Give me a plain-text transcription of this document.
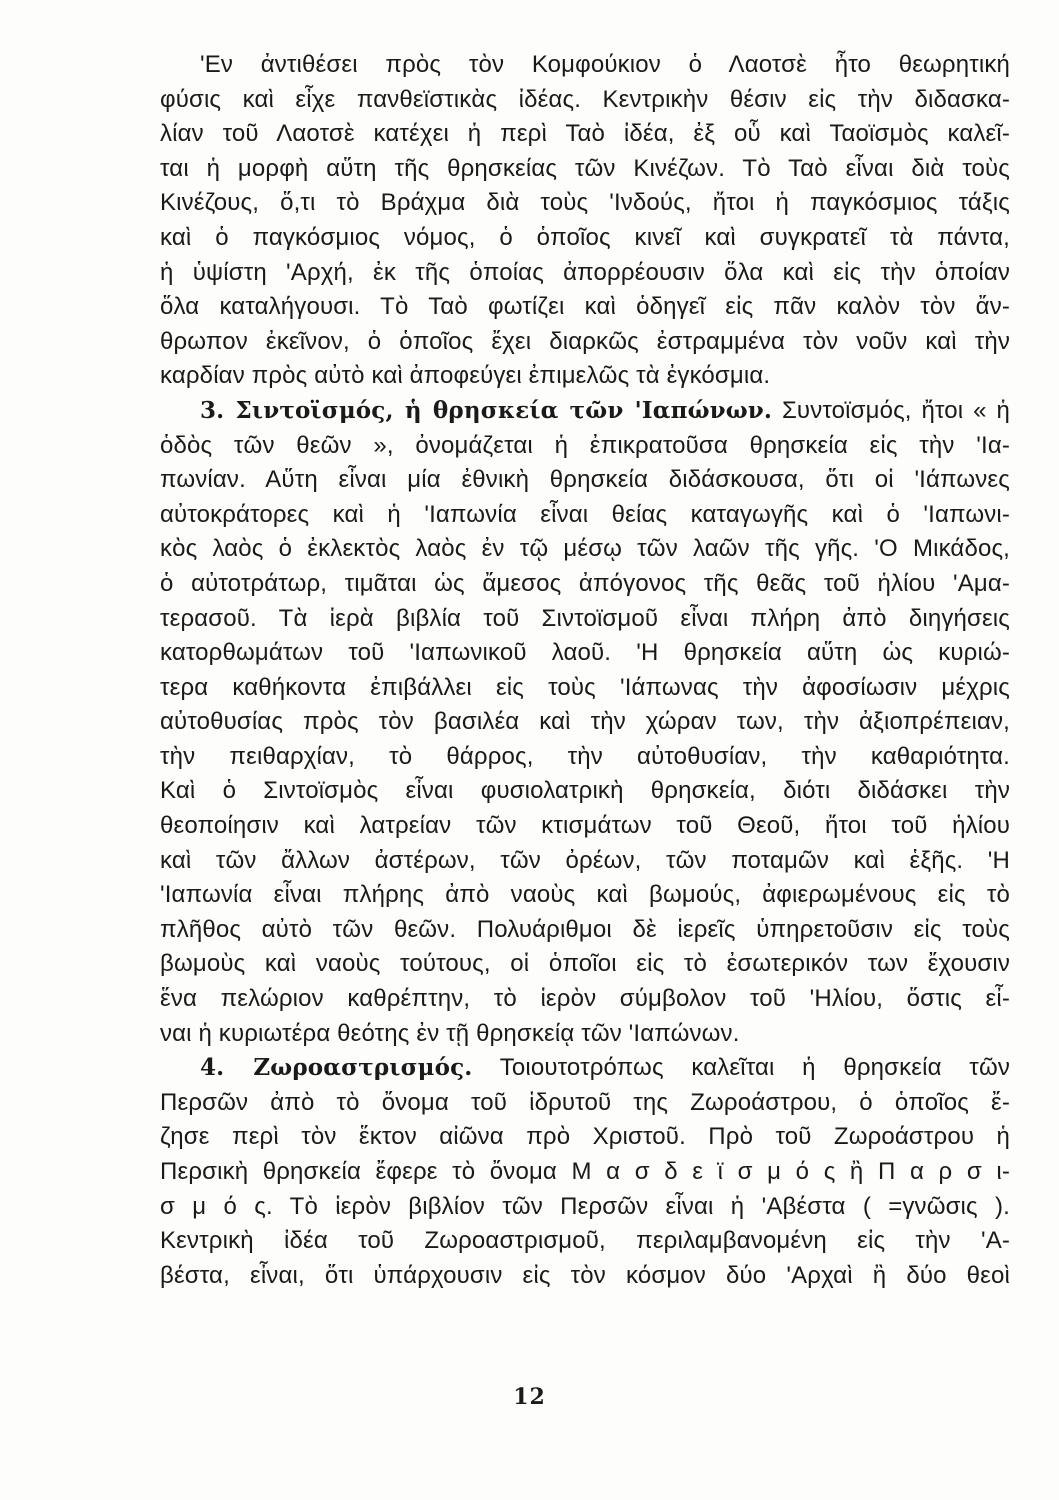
'Εν ἀντιθέσει πρὸς τὸν Κομφούκιον ὁ Λαοτσὲ ἦτο θεωρητική
φύσις καὶ εἶχε πανθεϊστικὰς ἰδέας. Κεντρικὴν θέσιν εἰς τὴν διδασκα-
λίαν τοῦ Λαοτσὲ κατέχει ἡ περὶ Ταὸ ἰδέα, ἐξ οὗ καὶ Ταοϊσμὸς καλεῖ-
ται ἡ μορφὴ αὕτη τῆς θρησκείας τῶν Κινέζων. Τὸ Ταὸ εἶναι διὰ τοὺς
Κινέζους, ὅ,τι τὸ Βράχμα διὰ τοὺς 'Ινδούς, ἤτοι ἡ παγκόσμιος τάξις
καὶ ὁ παγκόσμιος νόμος, ὁ ὁποῖος κινεῖ καὶ συγκρατεῖ τὰ πάντα,
ἡ ὑψίστη 'Αρχή, ἐκ τῆς ὁποίας ἀπορρέουσιν ὅλα καὶ εἰς τὴν ὁποίαν
ὅλα καταλήγουσι. Τὸ Ταὸ φωτίζει καὶ ὁδηγεῖ εἰς πᾶν καλὸν τὸν ἄν-
θρωπον ἐκεῖνον, ὁ ὁποῖος ἔχει διαρκῶς ἐστραμμένα τὸν νοῦν καὶ τὴν
καρδίαν πρὸς αὐτὸ καὶ ἀποφεύγει ἐπιμελῶς τὰ ἐγκόσμια.
3. Σιντοϊσμός, ἡ θρησκεία τῶν 'Ιαπώνων. Συντοϊσμός, ἤτοι « ἡ
ὁδὸς τῶν θεῶν », ὀνομάζεται ἡ ἐπικρατοῦσα θρησκεία εἰς τὴν 'Ια-
πωνίαν. Αὕτη εἶναι μία ἐθνικὴ θρησκεία διδάσκουσα, ὅτι οἱ 'Ιάπωνες
αὐτοκράτορες καὶ ἡ 'Ιαπωνία εἶναι θείας καταγωγῆς καὶ ὁ 'Ιαπωνι-
κὸς λαὸς ὁ ἐκλεκτὸς λαὸς ἐν τῷ μέσῳ τῶν λαῶν τῆς γῆς. 'Ο Μικάδος,
ὁ αὐτοτράτωρ, τιμᾶται ὡς ἄμεσος ἀπόγονος τῆς θεᾶς τοῦ ἡλίου 'Αμα-
τερασοῦ. Τὰ ἱερὰ βιβλία τοῦ Σιντοϊσμοῦ εἶναι πλήρη ἀπὸ διηγήσεις
κατορθωμάτων τοῦ 'Ιαπωνικοῦ λαοῦ. 'Η θρησκεία αὕτη ὡς κυριώ-
τερα καθήκοντα ἐπιβάλλει εἰς τοὺς 'Ιάπωνας τὴν ἀφοσίωσιν μέχρις
αὐτοθυσίας πρὸς τὸν βασιλέα καὶ τὴν χώραν των, τὴν ἀξιοπρέπειαν,
τὴν πειθαρχίαν, τὸ θάρρος, τὴν αὐτοθυσίαν, τὴν καθαριότητα.
Καὶ ὁ Σιντοϊσμὸς εἶναι φυσιολατρικὴ θρησκεία, διότι διδάσκει τὴν
θεοποίησιν καὶ λατρείαν τῶν κτισμάτων τοῦ Θεοῦ, ἤτοι τοῦ ἡλίου
καὶ τῶν ἄλλων ἀστέρων, τῶν ὀρέων, τῶν ποταμῶν καὶ ἑξῆς. 'Η
'Ιαπωνία εἶναι πλήρης ἀπὸ ναοὺς καὶ βωμούς, ἀφιερωμένους εἰς τὸ
πλῆθος αὐτὸ τῶν θεῶν. Πολυάριθμοι δὲ ἱερεῖς ὑπηρετοῦσιν εἰς τοὺς
βωμοὺς καὶ ναοὺς τούτους, οἱ ὁποῖοι εἰς τὸ ἐσωτερικόν των ἔχουσιν
ἕνα πελώριον καθρέπτην, τὸ ἱερὸν σύμβολον τοῦ 'Ηλίου, ὅστις εἶ-
ναι ἡ κυριωτέρα θεότης ἐν τῇ θρησκείᾳ τῶν 'Ιαπώνων.
4. Ζωροαστρισμός. Τοιουτοτρόπως καλεῖται ἡ θρησκεία τῶν
Περσῶν ἀπὸ τὸ ὄνομα τοῦ ἱδρυτοῦ της Ζωροάστρου, ὁ ὁποῖος ἔ-
ζησε περὶ τὸν ἕκτον αἰῶνα πρὸ Χριστοῦ. Πρὸ τοῦ Ζωροάστρου ἡ
Περσικὴ θρησκεία ἔφερε τὸ ὄνομα Μ α σ δ ε ϊ σ μ ό ς ἢ Π α ρ σ ι-
σ μ ό ς. Τὸ ἱερὸν βιβλίον τῶν Περσῶν εἶναι ἡ 'Αβέστα ( =γνῶσις ).
Κεντρικὴ ἰδέα τοῦ Ζωροαστρισμοῦ, περιλαμβανομένη εἰς τὴν 'Α-
βέστα, εἶναι, ὅτι ὑπάρχουσιν εἰς τὸν κόσμον δύο 'Αρχαὶ ἢ δύο θεοὶ
12
